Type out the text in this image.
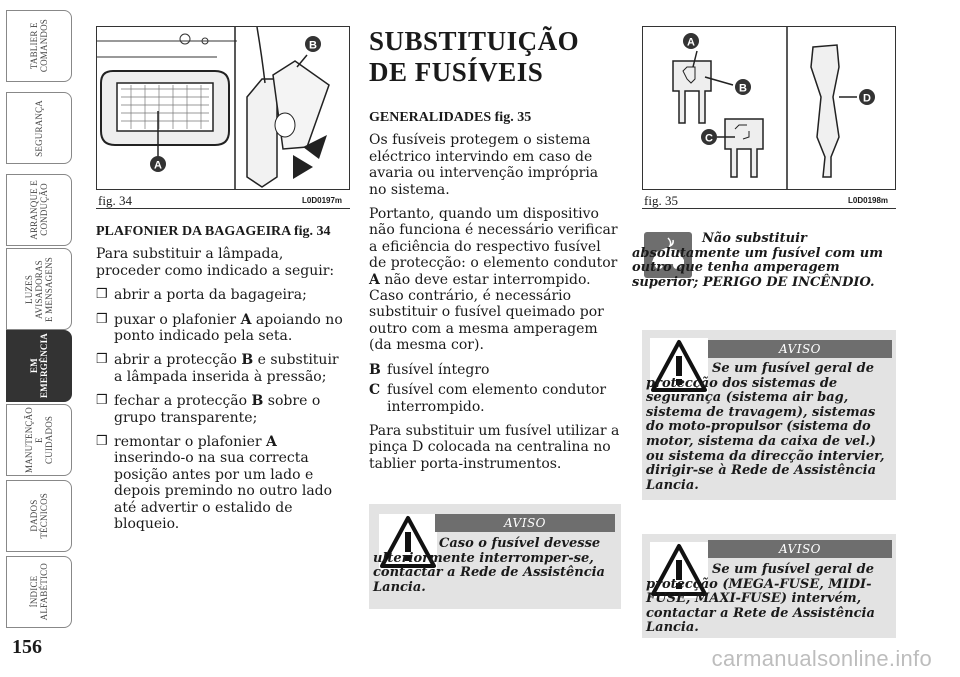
TABLIER E
COMANDOS
SEGURANÇA
ARRANQUE E
CONDUÇÃO
LUZES
AVISADORAS
E MENSAGENS
EM
EMERGÊNCIA
MANUTENÇÃO E
CUIDADOS
DADOS
TÉCNICOS
ÍNDICE
ALFABÉTICO
156	carmanualsonline.info
A
B
fig. 34	L0D0197m
PLAFONIER DA BAGAGEIRA fig. 34
Para substituir a lâmpada, proceder como indicado a seguir:
❒ abrir a porta da bagageira;
❒ puxar o plafonier A apoiando no ponto indicado pela seta.
❒ abrir a protecção B e substituir a lâmpada inserida à pressão;
❒ fechar a protecção B sobre o grupo transparente;
❒ remontar o plafonier A inserindo-o na sua correcta posição antes por um lado e depois premindo no outro lado até advertir o estalido de bloqueio.
SUBSTITUIÇÃO
DE FUSÍVEIS
GENERALIDADES fig. 35
Os fusíveis protegem o sistema eléctrico intervindo em caso de avaria ou intervenção imprópria no sistema.
Portanto, quando um dispositivo não funciona é necessário verificar a eficiência do respectivo fusível de protecção: o elemento condutor A não deve estar interrompido. Caso contrário, é necessário substituir o fusível queimado por outro com a mesma amperagem (da mesma cor).
B fusível íntegro
C fusível com elemento condutor interrompido.
Para substituir um fusível utilizar a pinça D colocada na centralina no tablier porta-instrumentos.
AVISO
Caso o fusível devesse ulteriormente interromper-se, contactar a Rede de Assistência Lancia.
A
B
C
D
fig. 35	L0D0198m
Não substituir absolutamente um fusível com um outro que tenha amperagem superior; PERIGO DE INCÊNDIO.
AVISO
Se um fusível geral de protecção dos sistemas de segurança (sistema air bag, sistema de travagem), sistemas do moto-propulsor (sistema do motor, sistema da caixa de vel.) ou sistema da direcção intervier, dirigir-se à Rede de Assistência Lancia.
AVISO
Se um fusível geral de protecção (MEGA-FUSE, MIDI-FUSE, MAXI-FUSE) intervém, contactar a Rete de Assistência Lancia.
